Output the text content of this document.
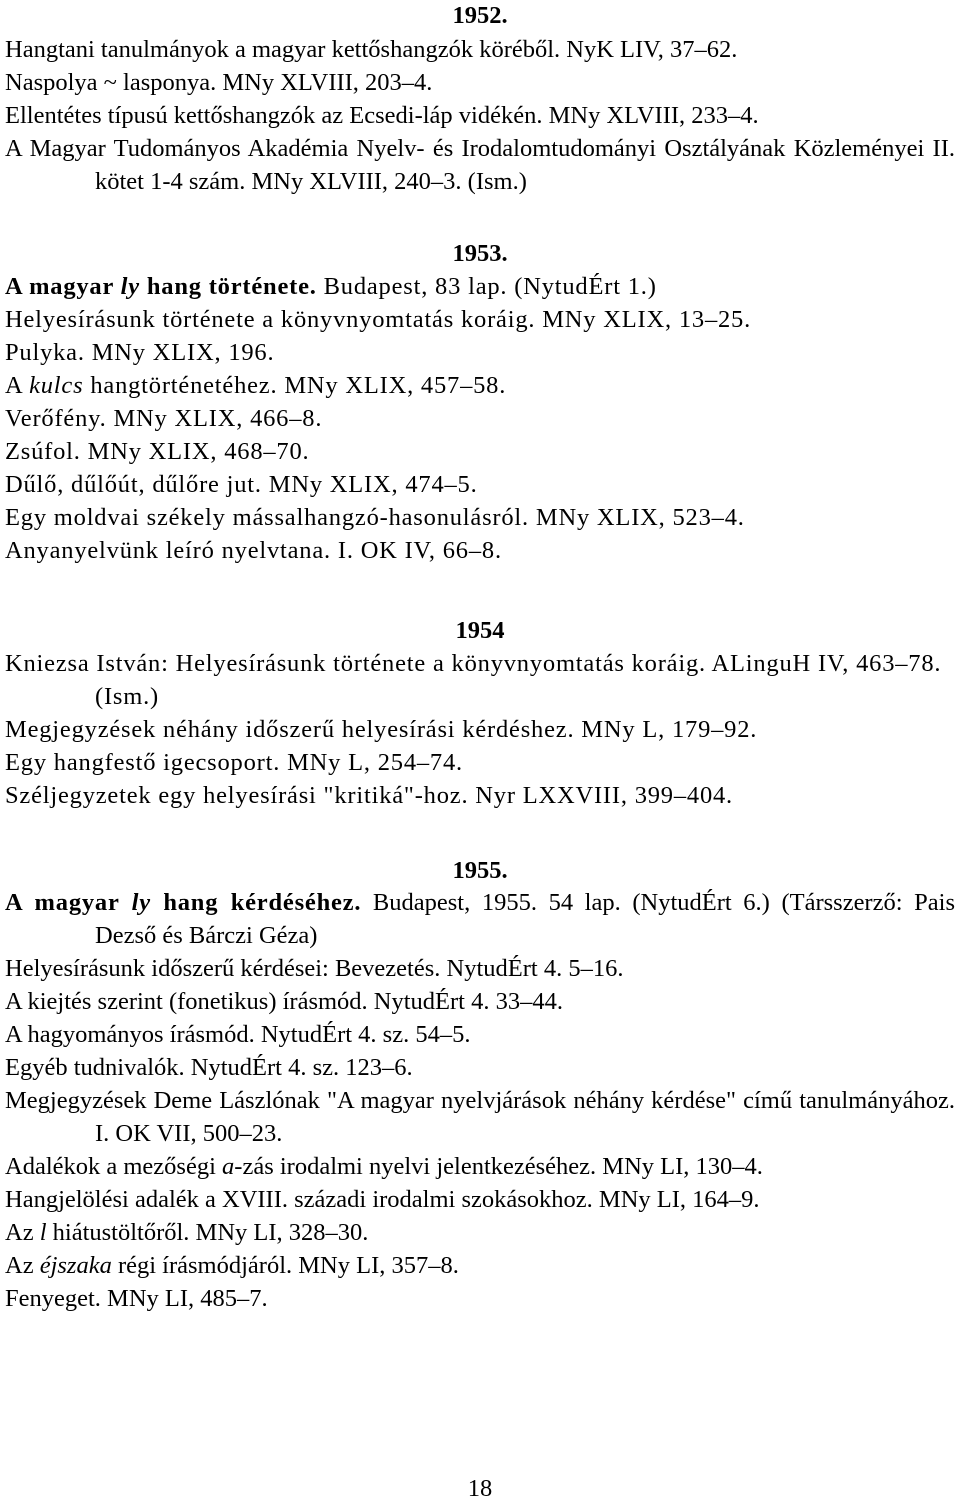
1952.

Hangtani tanulmányok a magyar kettőshangzók köréből. NyK LIV, 37–62.

Naspolya ~ lasponya. MNy XLVIII, 203–4.

Ellentétes típusú kettőshangzók az Ecsedi-láp vidékén. MNy XLVIII, 233–4.

A Magyar Tudományos Akadémia Nyelv- és Irodalomtudományi Osztályának Közleményei II. kötet 1-4 szám. MNy XLVIII, 240–3. (Ism.)

1953.

A magyar ly hang története. Budapest, 83 lap. (NytudÉrt 1.)

Helyesírásunk története a könyvnyomtatás koráig. MNy XLIX, 13–25.

Pulyka. MNy XLIX, 196.

A kulcs hangtörténetéhez. MNy XLIX, 457–58.

Verőfény. MNy XLIX, 466–8.

Zsúfol. MNy XLIX, 468–70.

Dűlő, dűlőút, dűlőre jut. MNy XLIX, 474–5.

Egy moldvai székely mássalhangzó-hasonulásról. MNy XLIX, 523–4.

Anyanyelvünk leíró nyelvtana. I. OK IV, 66–8.

1954

Kniezsa István: Helyesírásunk története a könyvnyomtatás koráig. ALinguH IV, 463–78. (Ism.)

Megjegyzések néhány időszerű helyesírási kérdéshez. MNy L, 179–92.

Egy hangfestő igecsoport. MNy L, 254–74.

Széljegyzetek egy helyesírási "kritiká"-hoz. Nyr LXXVIII, 399–404.

1955.

A magyar ly hang kérdéséhez. Budapest, 1955. 54 lap. (NytudÉrt 6.) (Társszerző: Pais Dezső és Bárczi Géza)

Helyesírásunk időszerű kérdései: Bevezetés. NytudÉrt 4. 5–16.

A kiejtés szerint (fonetikus) írásmód. NytudÉrt 4. 33–44.

A hagyományos írásmód. NytudÉrt 4. sz. 54–5.

Egyéb tudnivalók. NytudÉrt 4. sz. 123–6.

Megjegyzések Deme Lászlónak "A magyar nyelvjárások néhány kérdése" című tanulmányához. I. OK VII, 500–23.

Adalékok a mezőségi a-zás irodalmi nyelvi jelentkezéséhez. MNy LI, 130–4.

Hangjelölési adalék a XVIII. századi irodalmi szokásokhoz. MNy LI, 164–9.

Az l hiátustöltőről. MNy LI, 328–30.

Az éjszaka régi írásmódjáról. MNy LI, 357–8.

Fenyeget. MNy LI, 485–7.

18
